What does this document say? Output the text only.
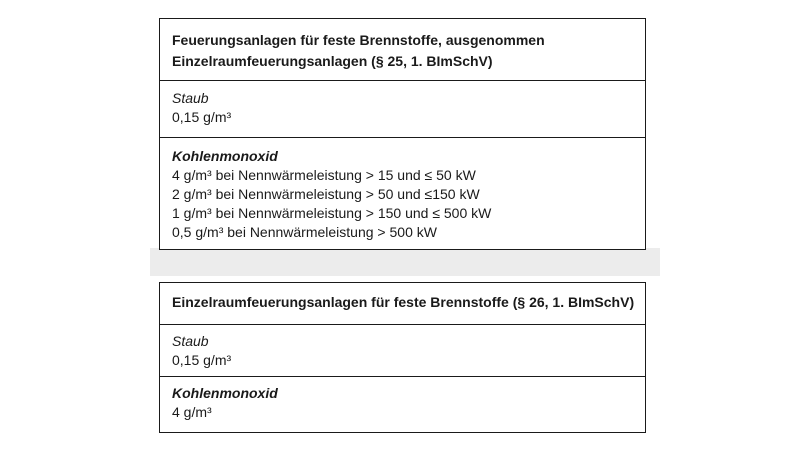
Feuerungsanlagen für feste Brennstoffe, ausgenommen
Einzelraumfeuerungsanlagen (§ 25, 1. BImSchV)
Staub
0,15 g/m³
Kohlenmonoxid
4 g/m³ bei Nennwärmeleistung > 15 und ≤ 50 kW
2 g/m³ bei Nennwärmeleistung > 50 und ≤150 kW
1 g/m³ bei Nennwärmeleistung > 150 und ≤ 500 kW
0,5 g/m³ bei Nennwärmeleistung > 500 kW
Einzelraumfeuerungsanlagen für feste Brennstoffe (§ 26, 1. BImSchV)
Staub
0,15 g/m³
Kohlenmonoxid
4 g/m³
